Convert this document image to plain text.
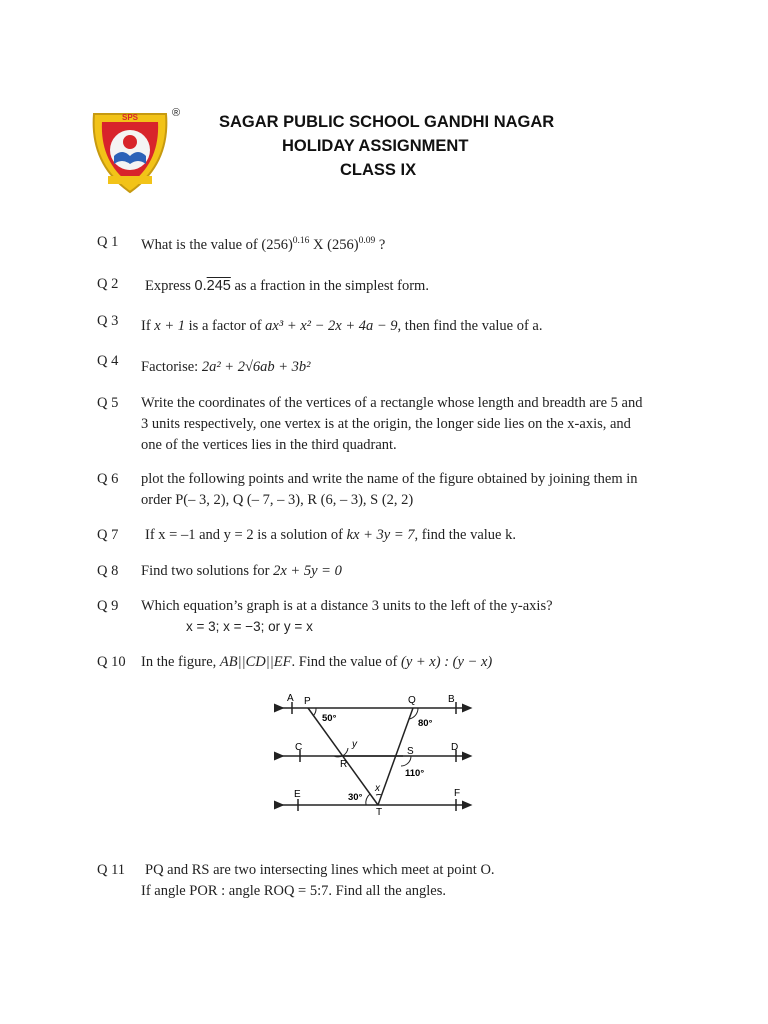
SPS	® SAGAR PUBLIC SCHOOL GANDHI NAGAR
HOLIDAY ASSIGNMENT
CLASS IX
Q 1 What is the value of $(256)^{0.16}$ X $(256)^{0.09}$ ?
Q 2 Express 0.245 as a fraction in the simplest form.
Q 3 If x + 1 is a factor of ax³ + x² − 2x + 4a − 9, then find the value of a.
Q 4 Factorise: 2a² + 2√6ab + 3b²
Q 5 Write the coordinates of the vertices of a rectangle whose length and breadth are 5 and
3 units respectively, one vertex is at the origin, the longer side lies on the x-axis, and
one of the vertices lies in the third quadrant.
Q 6 plot the following points and write the name of the figure obtained by joining them in
order P(– 3, 2), Q (– 7, – 3), R (6, – 3), S (2, 2)
Q 7 If x = –1 and y = 2 is a solution of kx + 3y = 7, find the value k.
Q 8 Find two solutions for 2x + 5y = 0
Q 9 Which equation’s graph is at a distance 3 units to the left of the y-axis?
x = 3; x = −3; or y = x
Q 10 In the figure, AB||CD||EF. Find the value of (y + x) : (y − x)
A P	Q	B
C
R
S	D
E
T
F
50°	80°
110°
30°
x
y
Q 11 PQ and RS are two intersecting lines which meet at point O.
If angle POR : angle ROQ = 5:7. Find all the angles.
